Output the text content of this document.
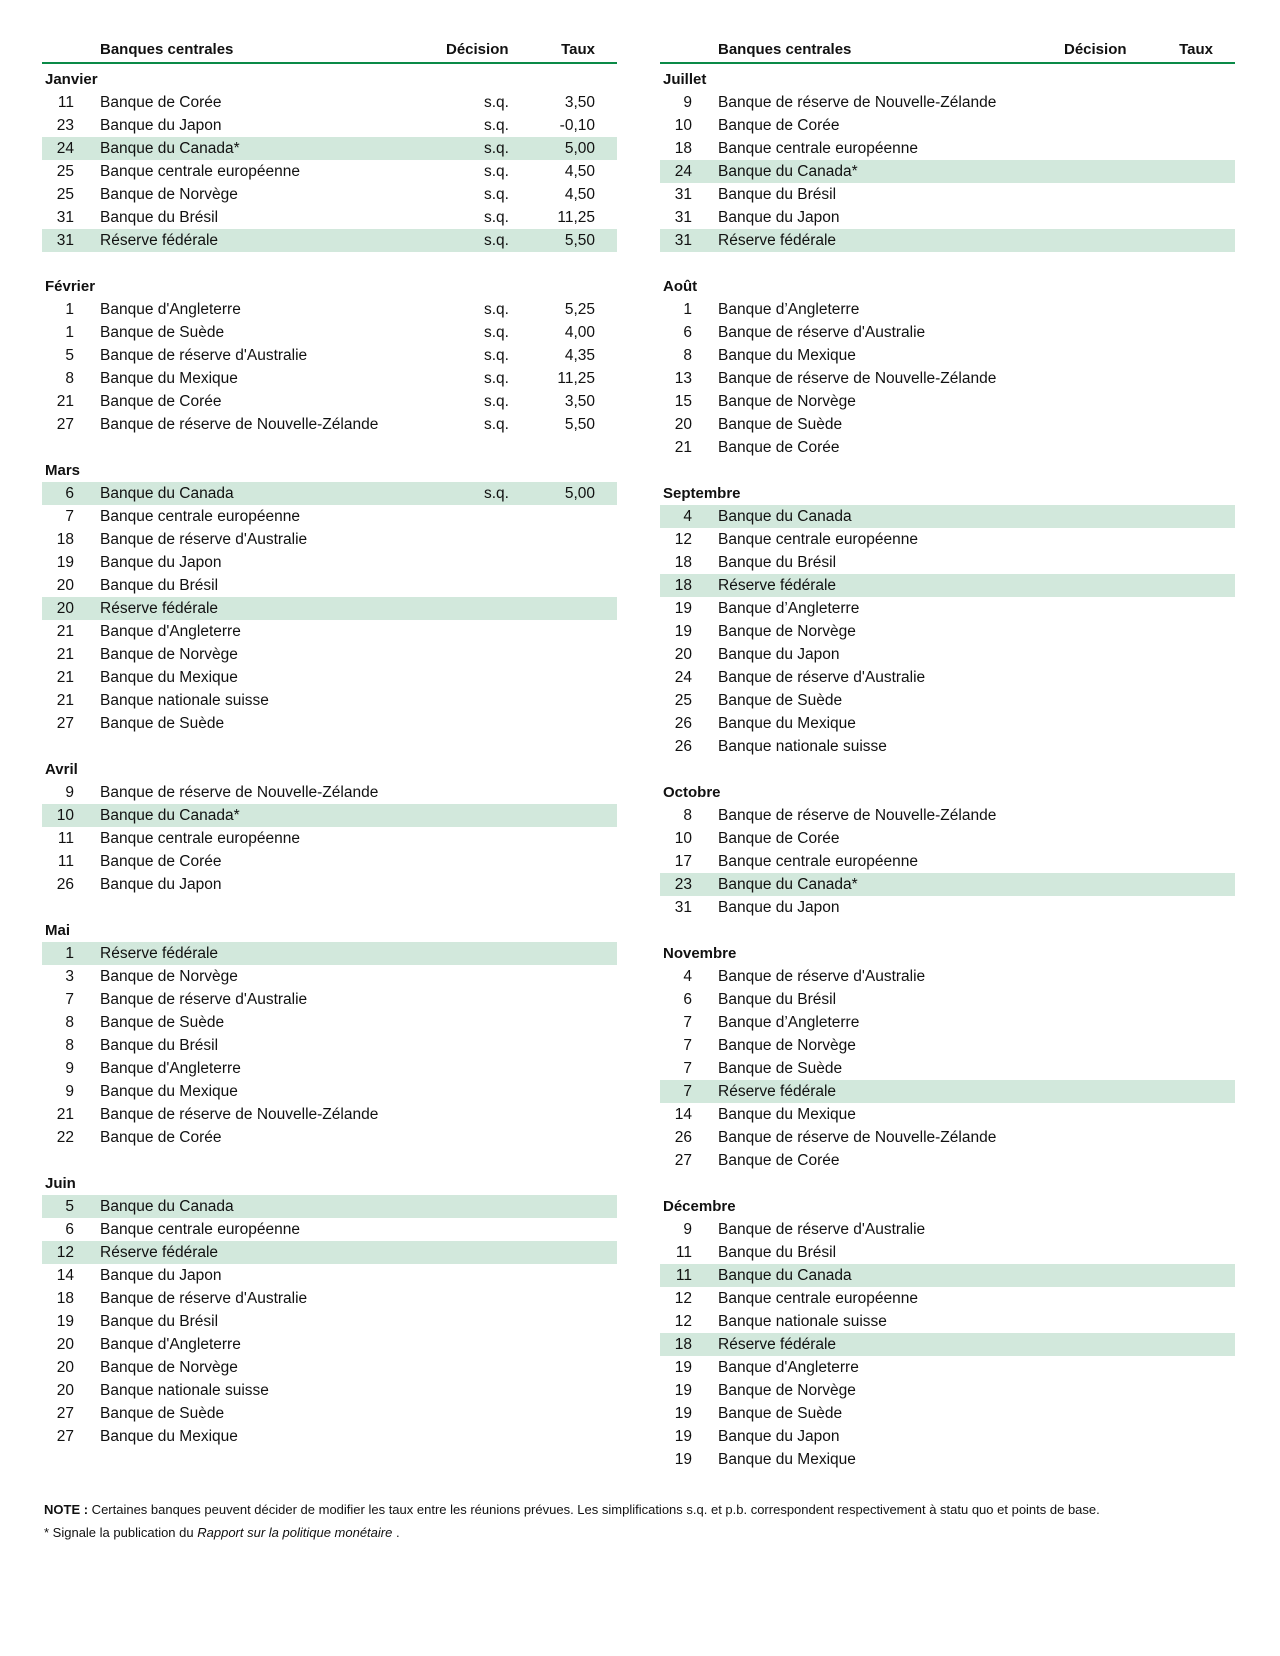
Banques centrales	Décision	Taux
Janvier
11 Banque de Corée	s.q.	3,50
23 Banque du Japon	s.q.	-0,10
24 Banque du Canada*	s.q.	5,00
25 Banque centrale européenne	s.q.	4,50
25 Banque de Norvège	s.q.	4,50
31 Banque du Brésil	s.q.	11,25
31 Réserve fédérale	s.q.	5,50
Février
1 Banque d'Angleterre	s.q.	5,25
1 Banque de Suède	s.q.	4,00
5 Banque de réserve d'Australie	s.q.	4,35
8 Banque du Mexique	s.q.	11,25
21 Banque de Corée	s.q.	3,50
27 Banque de réserve de Nouvelle-Zélande	s.q.	5,50
Mars
6 Banque du Canada	s.q.	5,00
7 Banque centrale européenne
18 Banque de réserve d'Australie
19 Banque du Japon
20 Banque du Brésil
20 Réserve fédérale
21 Banque d'Angleterre
21 Banque de Norvège
21 Banque du Mexique
21 Banque nationale suisse
27 Banque de Suède
Avril
9 Banque de réserve de Nouvelle-Zélande
10 Banque du Canada*
11 Banque centrale européenne
11 Banque de Corée
26 Banque du Japon
Mai
1 Réserve fédérale
3 Banque de Norvège
7 Banque de réserve d'Australie
8 Banque de Suède
8 Banque du Brésil
9 Banque d'Angleterre
9 Banque du Mexique
21 Banque de réserve de Nouvelle-Zélande
22 Banque de Corée
Juin
5 Banque du Canada
6 Banque centrale européenne
12 Réserve fédérale
14 Banque du Japon
18 Banque de réserve d'Australie
19 Banque du Brésil
20 Banque d'Angleterre
20 Banque de Norvège
20 Banque nationale suisse
27 Banque de Suède
27 Banque du Mexique
Banques centrales	Décision	Taux
Juillet
9 Banque de réserve de Nouvelle-Zélande
10 Banque de Corée
18 Banque centrale européenne
24 Banque du Canada*
31 Banque du Brésil
31 Banque du Japon
31 Réserve fédérale
Août
1 Banque d’Angleterre
6 Banque de réserve d'Australie
8 Banque du Mexique
13 Banque de réserve de Nouvelle-Zélande
15 Banque de Norvège
20 Banque de Suède
21 Banque de Corée
Septembre
4 Banque du Canada
12 Banque centrale européenne
18 Banque du Brésil
18 Réserve fédérale
19 Banque d’Angleterre
19 Banque de Norvège
20 Banque du Japon
24 Banque de réserve d'Australie
25 Banque de Suède
26 Banque du Mexique
26 Banque nationale suisse
Octobre
8 Banque de réserve de Nouvelle-Zélande
10 Banque de Corée
17 Banque centrale européenne
23 Banque du Canada*
31 Banque du Japon
Novembre
4 Banque de réserve d'Australie
6 Banque du Brésil
7 Banque d’Angleterre
7 Banque de Norvège
7 Banque de Suède
7 Réserve fédérale
14 Banque du Mexique
26 Banque de réserve de Nouvelle-Zélande
27 Banque de Corée
Décembre
9 Banque de réserve d'Australie
11 Banque du Brésil
11 Banque du Canada
12 Banque centrale européenne
12 Banque nationale suisse
18 Réserve fédérale
19 Banque d'Angleterre
19 Banque de Norvège
19 Banque de Suède
19 Banque du Japon
19 Banque du Mexique
NOTE : Certaines banques peuvent décider de modifier les taux entre les réunions prévues. Les simplifications s.q. et p.b. correspondent respectivement à statu quo et points de base.
* Signale la publication du Rapport sur la politique monétaire .
